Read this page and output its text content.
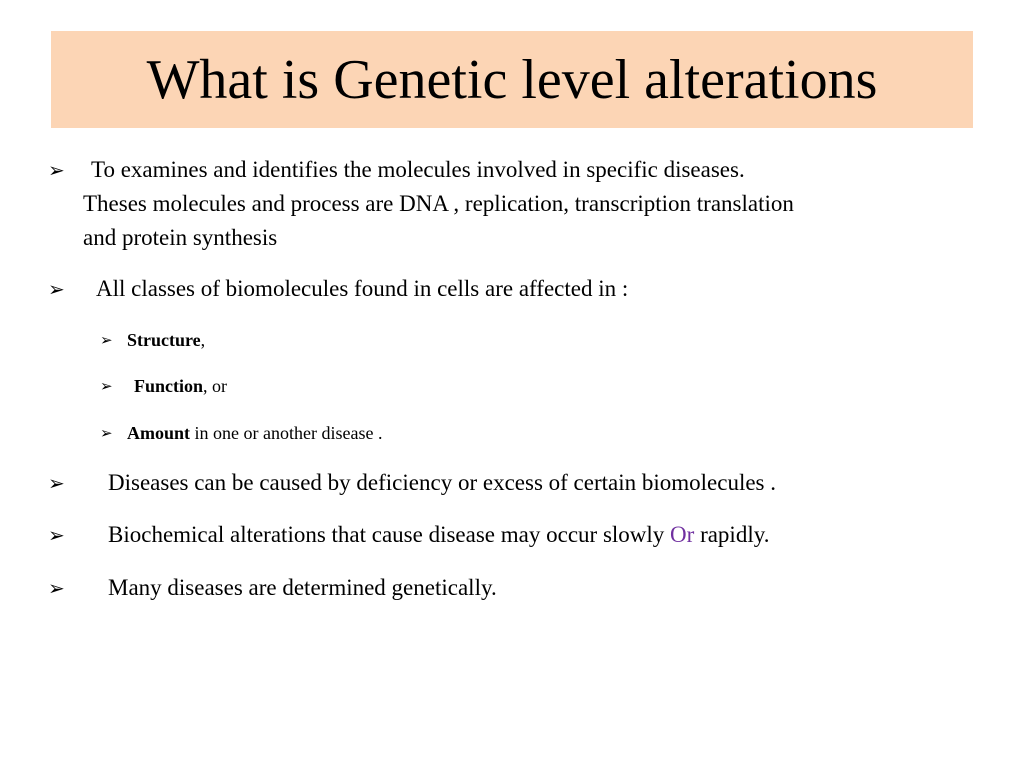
What is Genetic level alterations
➢ To examines and identifies the molecules involved in specific diseases.
Theses molecules and process are DNA , replication, transcription translation
and protein synthesis
➢ All classes of biomolecules found in cells are affected in :
➢ Structure,
➢ Function, or
➢ Amount in one or another disease .
➢ Diseases can be caused by deficiency or excess of certain biomolecules .
➢ Biochemical alterations that cause disease may occur slowly Or rapidly.
➢ Many diseases are determined genetically.
